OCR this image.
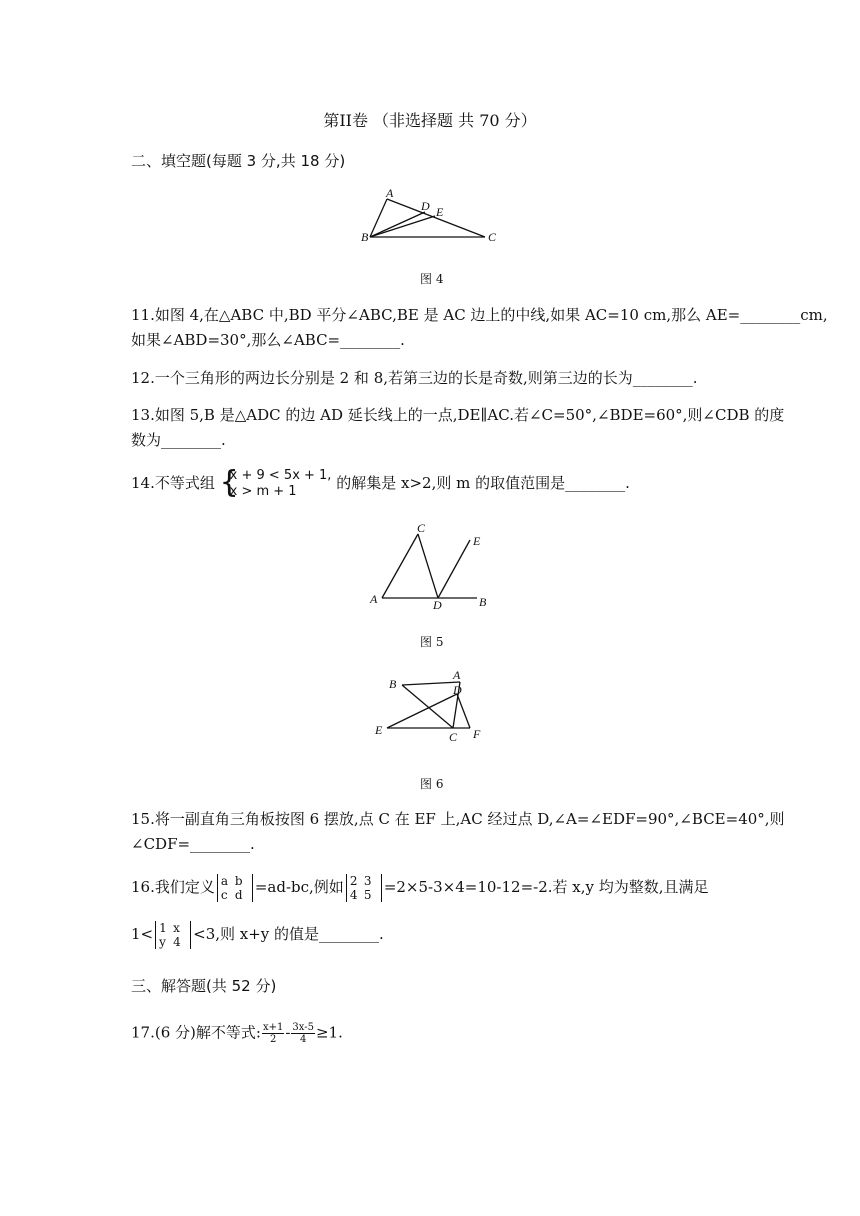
第II卷 （非选择题 共 70 分）
二、填空题(每题 3 分,共 18 分)
A
B	C
D E
图 4
11.如图 4,在△ABC 中,BD 平分∠ABC,BE 是 AC 边上的中线,如果 AC=10 cm,那么 AE=________cm,
如果∠ABD=30°,那么∠ABC=________.
12.一个三角形的两边长分别是 2 和 8,若第三边的长是奇数,则第三边的长为________.
13.如图 5,B 是△ADC 的边 AD 延长线上的一点,DE∥AC.若∠C=50°,∠BDE=60°,则∠CDB 的度
数为________.
14.不等式组 {
x + 9 < 5x + 1,
x > m + 1	的解集是 x>2,则 m 的取值范围是________.
C
E
A	D	B
图 5
B
A
D
E	C F
图 6
15.将一副直角三角板按图 6 摆放,点 C 在 EF 上,AC 经过点 D,∠A=∠EDF=90°,∠BCE=40°,则
∠CDF=________.
16.我们定义 a b
c d =ad-bc,例如 2 3
4 5 =2×5-3×4=10-12=-2.若 x,y 均为整数,且满足
1< 1 x
y 4 <3,则 x+y 的值是________.
三、解答题(共 52 分)
17.(6 分)解不等式: $\frac{x+1}{2} - \frac{3x-5}{4} \ge 1$.
